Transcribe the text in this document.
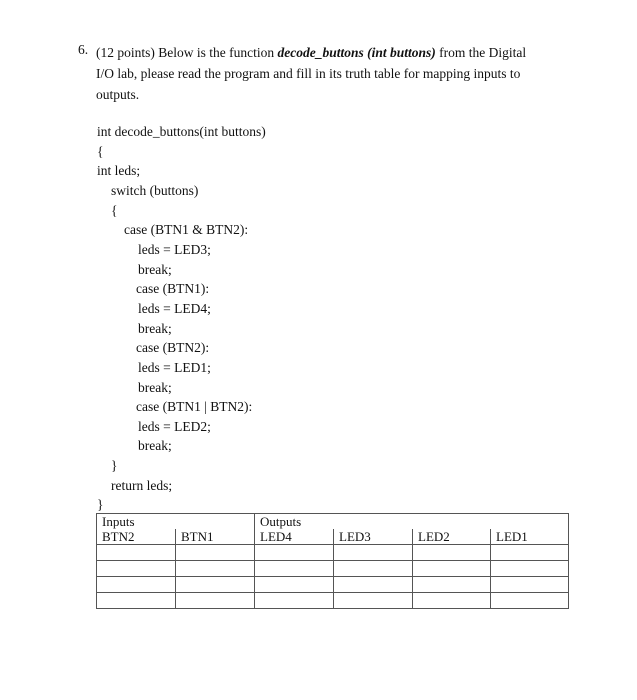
6. (12 points) Below is the function decode_buttons (int buttons) from the Digital
I/O lab, please read the program and fill in its truth table for mapping inputs to
outputs.
int decode_buttons(int buttons)
{
int leds;
switch (buttons)
{
case (BTN1 & BTN2):
leds = LED3;
break;
case (BTN1):
leds = LED4;
break;
case (BTN2):
leds = LED1;
break;
case (BTN1 | BTN2):
leds = LED2;
break;
}
return leds;
}
Inputs		Outputs			
BTN2	BTN1	LED4	LED3	LED2	LED1
